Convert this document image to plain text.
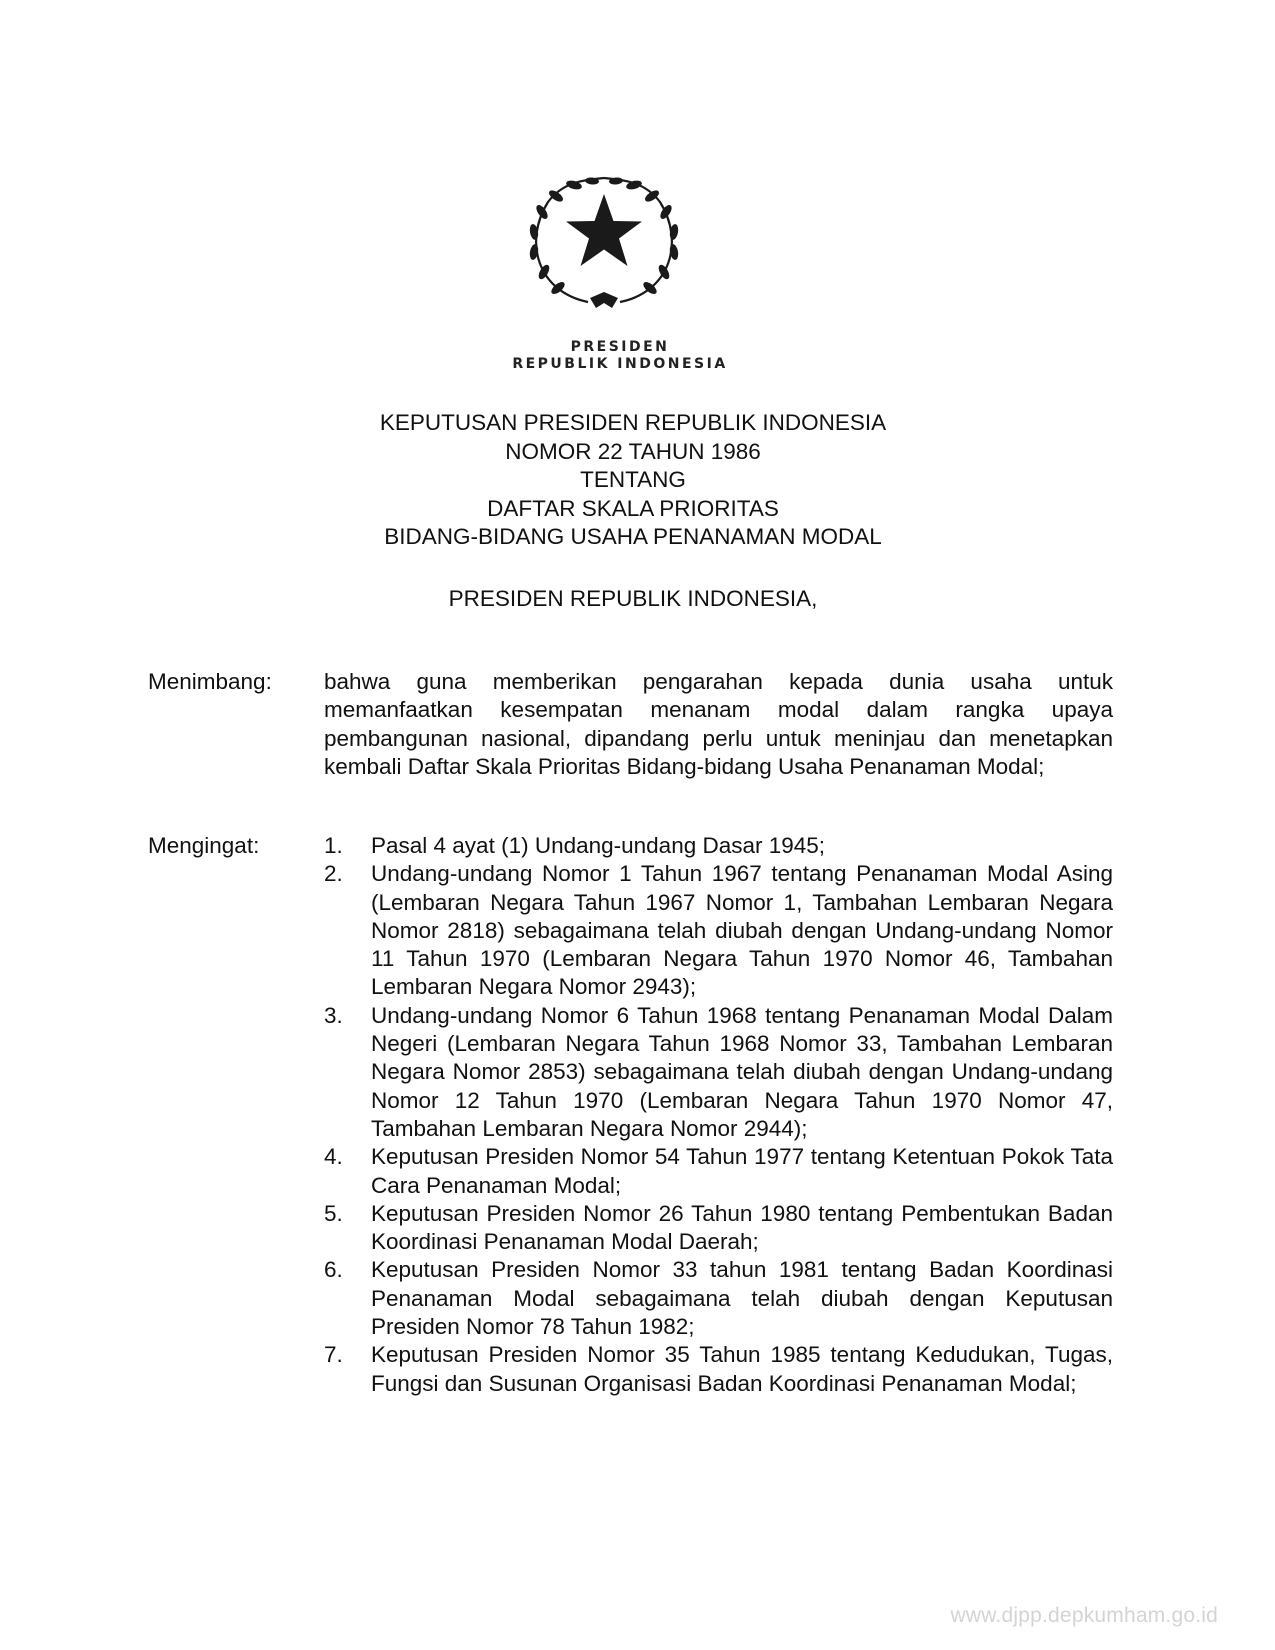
PRESIDEN
REPUBLIK INDONESIA
KEPUTUSAN PRESIDEN REPUBLIK INDONESIA
NOMOR 22 TAHUN 1986
TENTANG
DAFTAR SKALA PRIORITAS
BIDANG-BIDANG USAHA PENANAMAN MODAL
PRESIDEN REPUBLIK INDONESIA,
Menimbang: bahwa guna memberikan pengarahan kepada dunia usaha untuk memanfaatkan kesempatan menanam modal dalam rangka upaya pembangunan nasional, dipandang perlu untuk meninjau dan menetapkan kembali Daftar Skala Prioritas Bidang-bidang Usaha Penanaman Modal;
Mengingat:	1. Pasal 4 ayat (1) Undang-undang Dasar 1945;
2. Undang-undang Nomor 1 Tahun 1967 tentang Penanaman Modal Asing (Lembaran Negara Tahun 1967 Nomor 1, Tambahan Lembaran Negara Nomor 2818) sebagaimana telah diubah dengan Undang-undang Nomor 11 Tahun 1970 (Lembaran Negara Tahun 1970 Nomor 46, Tambahan Lembaran Negara Nomor 2943);
3. Undang-undang Nomor 6 Tahun 1968 tentang Penanaman Modal Dalam Negeri (Lembaran Negara Tahun 1968 Nomor 33, Tambahan Lembaran Negara Nomor 2853) sebagaimana telah diubah dengan Undang-undang Nomor 12 Tahun 1970 (Lembaran Negara Tahun 1970 Nomor 47, Tambahan Lembaran Negara Nomor 2944);
4. Keputusan Presiden Nomor 54 Tahun 1977 tentang Ketentuan Pokok Tata Cara Penanaman Modal;
5. Keputusan Presiden Nomor 26 Tahun 1980 tentang Pembentukan Badan Koordinasi Penanaman Modal Daerah;
6. Keputusan Presiden Nomor 33 tahun 1981 tentang Badan Koordinasi Penanaman Modal sebagaimana telah diubah dengan Keputusan Presiden Nomor 78 Tahun 1982;
7. Keputusan Presiden Nomor 35 Tahun 1985 tentang Kedudukan, Tugas, Fungsi dan Susunan Organisasi Badan Koordinasi Penanaman Modal;
www.djpp.depkumham.go.id
